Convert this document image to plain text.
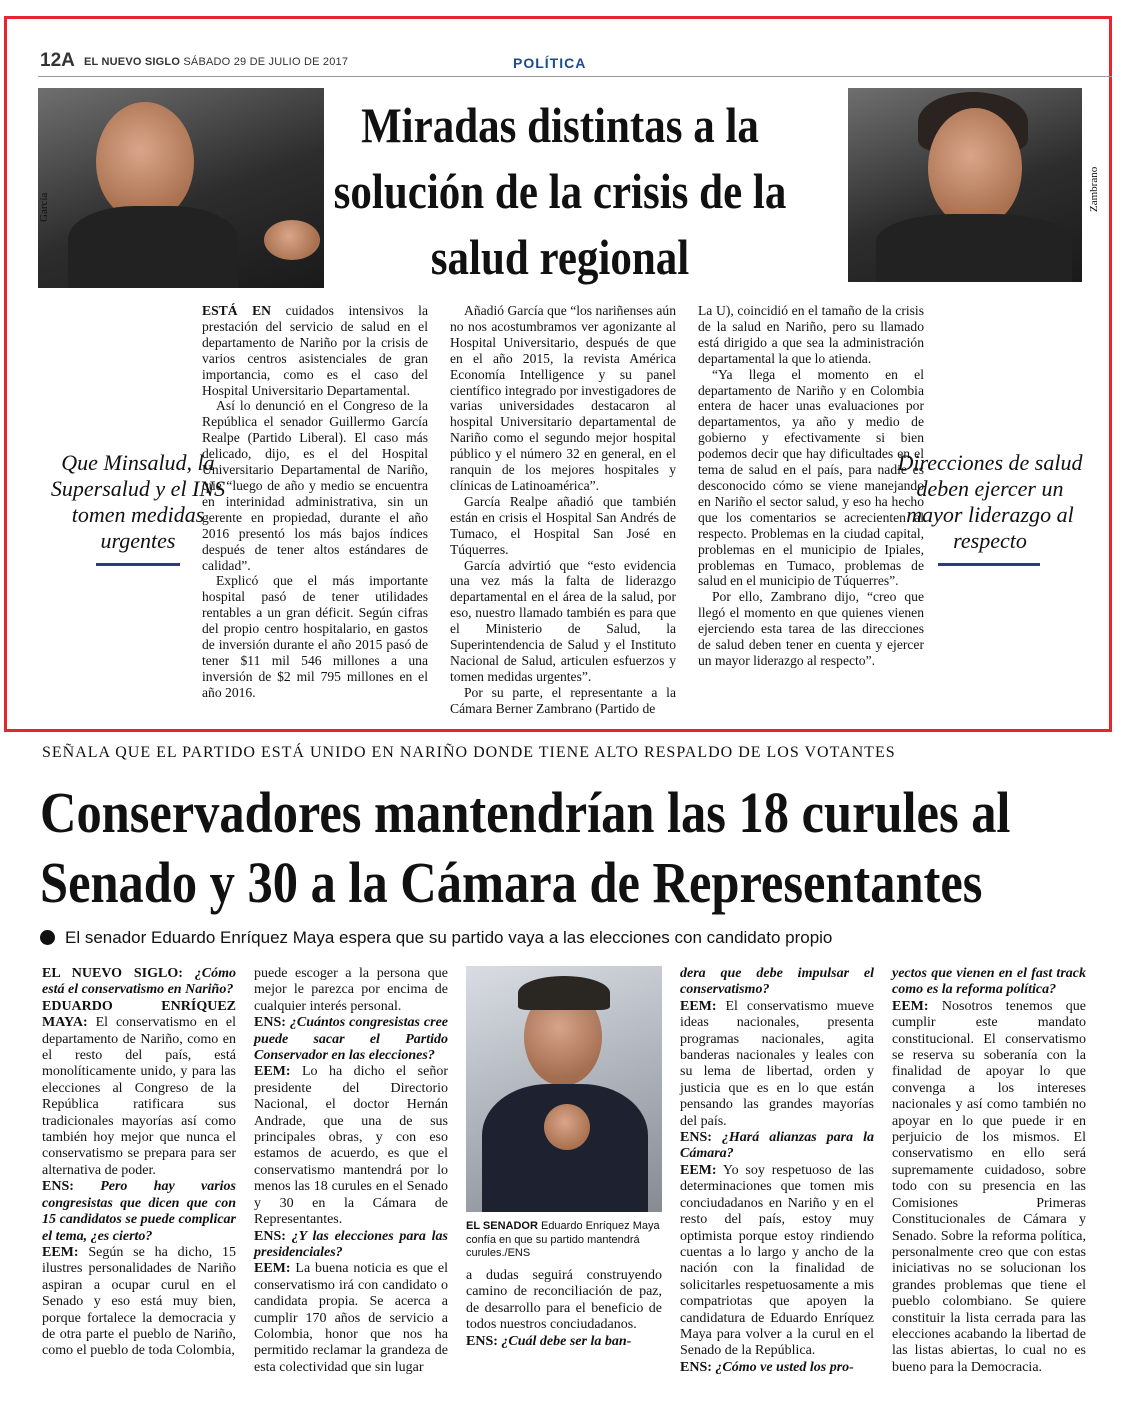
12A EL NUEVO SIGLO SÁBADO 29 DE JULIO DE 2017	POLÍTICA
García	Zambrano
Miradas distintas a la solución de la crisis de la salud regional
Que Minsalud, la Supersalud y el INS tomen medidas urgentes
Direcciones de salud deben ejercer un mayor liderazgo al respecto

ESTÁ EN cuidados intensivos la prestación del servicio de salud en el departamento de Nariño por la crisis de varios centros asistenciales de gran importancia, como es el caso del Hospital Universitario Departamental.

Así lo denunció en el Congreso de la República el senador Guillermo García Realpe (Partido Liberal). El caso más delicado, dijo, es el del Hospital Universitario Departamental de Nariño, que “luego de año y medio se encuentra en interinidad administrativa, sin un gerente en propiedad, durante el año 2016 presentó los más bajos índices después de tener altos estándares de calidad”.

Explicó que el más importante hospital pasó de tener utilidades rentables a un gran déficit. Según cifras del propio centro hospitalario, en gastos de inversión durante el año 2015 pasó de tener $11 mil 546 millones a una inversión de $2 mil 795 millones en el año 2016.

Añadió García que “los nariñenses aún no nos acostumbramos ver agonizante al Hospital Universitario, después de que en el año 2015, la revista América Economía Intelligence y su panel científico integrado por investigadores de varias universidades destacaron al hospital Universitario departamental de Nariño como el segundo mejor hospital público y el número 32 en general, en el ranquin de los mejores hospitales y clínicas de Latinoamérica”.

García Realpe añadió que también están en crisis el Hospital San Andrés de Tumaco, el Hospital San José en Túquerres.

García advirtió que “esto evidencia una vez más la falta de liderazgo departamental en el área de la salud, por eso, nuestro llamado también es para que el Ministerio de Salud, la Superintendencia de Salud y el Instituto Nacional de Salud, articulen esfuerzos y tomen medidas urgentes”.

Por su parte, el representante a la Cámara Berner Zambrano (Partido de

La U), coincidió en el tamaño de la crisis de la salud en Nariño, pero su llamado está dirigido a que sea la administración departamental la que lo atienda.

“Ya llega el momento en el departamento de Nariño y en Colombia entera de hacer unas evaluaciones por departamentos, ya año y medio de gobierno y efectivamente si bien podemos decir que hay dificultades en el tema de salud en el país, para nadie es desconocido cómo se viene manejando en Nariño el sector salud, y eso ha hecho que los comentarios se acrecienten al respecto. Problemas en la ciudad capital, problemas en el municipio de Ipiales, problemas en Tumaco, problemas de salud en el municipio de Túquerres”.

Por ello, Zambrano dijo, “creo que llegó el momento en que quienes vienen ejerciendo esta tarea de las direcciones de salud deben tener en cuenta y ejercer un mayor liderazgo al respecto”.

SEÑALA QUE EL PARTIDO ESTÁ UNIDO EN NARIÑO DONDE TIENE ALTO RESPALDO DE LOS VOTANTES
Conservadores mantendrían las 18 curules al
Senado y 30 a la Cámara de Representantes
El senador Eduardo Enríquez Maya espera que su partido vaya a las elecciones con candidato propio

EL NUEVO SIGLO: ¿Cómo está el conservatismo en Nariño?

EDUARDO ENRÍQUEZ MAYA: El conservatismo en el departamento de Nariño, como en el resto del país, está monolíticamente unido, y para las elecciones al Congreso de la República ratificara sus tradicionales mayorías así como también hoy mejor que nunca el conservatismo se prepara para ser alternativa de poder.

ENS: Pero hay varios congresistas que dicen que con 15 candidatos se puede complicar el tema, ¿es cierto?

EEM: Según se ha dicho, 15 ilustres personalidades de Nariño aspiran a ocupar curul en el Senado y eso está muy bien, porque fortalece la democracia y de otra parte el pueblo de Nariño, como el pueblo de toda Colombia,

puede escoger a la persona que mejor le parezca por encima de cualquier interés personal.

ENS: ¿Cuántos congresistas cree puede sacar el Partido Conservador en las elecciones?

EEM: Lo ha dicho el señor presidente del Directorio Nacional, el doctor Hernán Andrade, que una de sus principales obras, y con eso estamos de acuerdo, es que el conservatismo mantendrá por lo menos las 18 curules en el Senado y 30 en la Cámara de Representantes.

ENS: ¿Y las elecciones para las presidenciales?

EEM: La buena noticia es que el conservatismo irá con candidato o candidata propia. Se acerca a cumplir 170 años de servicio a Colombia, honor que nos ha permitido reclamar la grandeza de esta colectividad que sin lugar

EL SENADOR Eduardo Enríquez Maya confía en que su partido mantendrá curules./ENS

a dudas seguirá construyendo camino de reconciliación de paz, de desarrollo para el beneficio de todos nuestros conciudadanos.

ENS: ¿Cuál debe ser la ban-

dera que debe impulsar el conservatismo?

EEM: El conservatismo mueve ideas nacionales, presenta programas nacionales, agita banderas nacionales y leales con su lema de libertad, orden y justicia que es en lo que están pensando las grandes mayorías del país.

ENS: ¿Hará alianzas para la Cámara?

EEM: Yo soy respetuoso de las determinaciones que tomen mis conciudadanos en Nariño y en el resto del país, estoy muy optimista porque estoy rindiendo cuentas a lo largo y ancho de la nación con la finalidad de solicitarles respetuosamente a mis compatriotas que apoyen la candidatura de Eduardo Enríquez Maya para volver a la curul en el Senado de la República.

ENS: ¿Cómo ve usted los pro-

yectos que vienen en el fast track como es la reforma política?

EEM: Nosotros tenemos que cumplir este mandato constitucional. El conservatismo se reserva su soberanía con la finalidad de apoyar lo que convenga a los intereses nacionales y así como también no apoyar en lo que puede ir en perjuicio de los mismos. El conservatismo en ello será supremamente cuidadoso, sobre todo con su presencia en las Comisiones Primeras Constitucionales de Cámara y Senado. Sobre la reforma política, personalmente creo que con estas iniciativas no se solucionan los grandes problemas que tiene el pueblo colombiano. Se quiere constituir la lista cerrada para las elecciones acabando la libertad de las listas abiertas, lo cual no es bueno para la Democracia.
